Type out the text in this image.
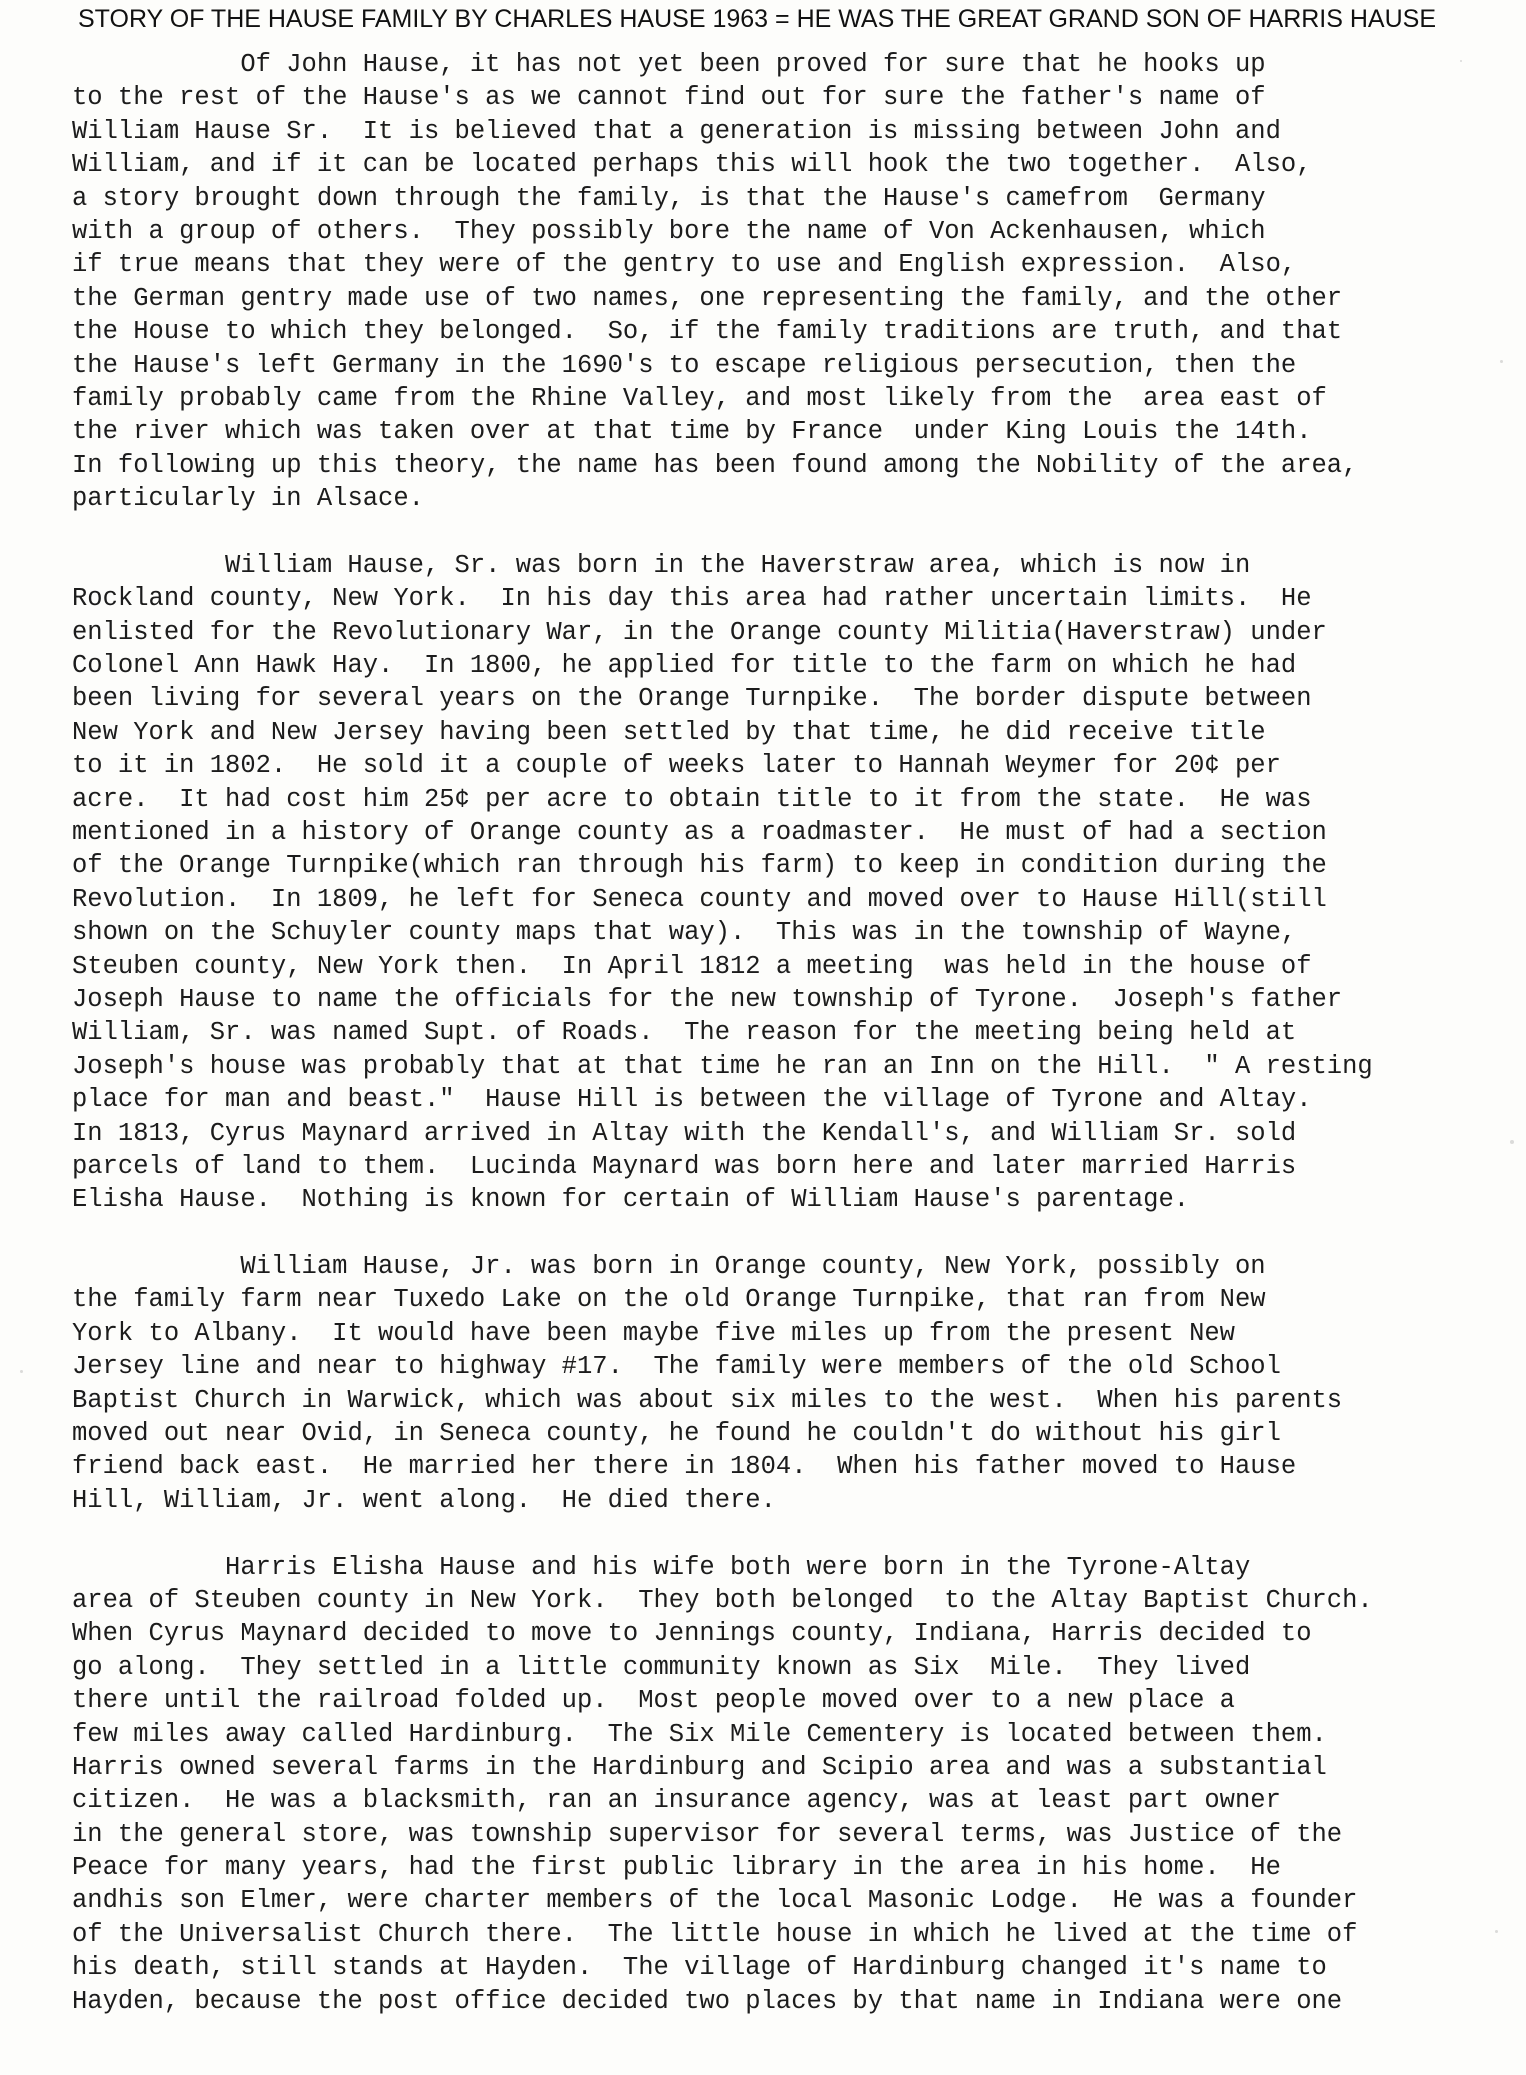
STORY OF THE HAUSE FAMILY BY CHARLES HAUSE 1963 = HE WAS THE GREAT GRAND SON OF HARRIS HAUSE
Of John Hause, it has not yet been proved for sure that he hooks up
to the rest of the Hause's as we cannot find out for sure the father's name of
William Hause Sr.  It is believed that a generation is missing between John and
William, and if it can be located perhaps this will hook the two together.  Also,
a story brought down through the family, is that the Hause's camefrom  Germany
with a group of others.  They possibly bore the name of Von Ackenhausen, which
if true means that they were of the gentry to use and English expression.  Also,
the German gentry made use of two names, one representing the family, and the other
the House to which they belonged.  So, if the family traditions are truth, and that
the Hause's left Germany in the 1690's to escape religious persecution, then the
family probably came from the Rhine Valley, and most likely from the  area east of
the river which was taken over at that time by France  under King Louis the 14th.
In following up this theory, the name has been found among the Nobility of the area,
particularly in Alsace.
William Hause, Sr. was born in the Haverstraw area, which is now in
Rockland county, New York.  In his day this area had rather uncertain limits.  He
enlisted for the Revolutionary War, in the Orange county Militia(Haverstraw) under
Colonel Ann Hawk Hay.  In 1800, he applied for title to the farm on which he had
been living for several years on the Orange Turnpike.  The border dispute between
New York and New Jersey having been settled by that time, he did receive title
to it in 1802.  He sold it a couple of weeks later to Hannah Weymer for 20¢ per
acre.  It had cost him 25¢ per acre to obtain title to it from the state.  He was
mentioned in a history of Orange county as a roadmaster.  He must of had a section
of the Orange Turnpike(which ran through his farm) to keep in condition during the
Revolution.  In 1809, he left for Seneca county and moved over to Hause Hill(still
shown on the Schuyler county maps that way).  This was in the township of Wayne,
Steuben county, New York then.  In April 1812 a meeting  was held in the house of
Joseph Hause to name the officials for the new township of Tyrone.  Joseph's father
William, Sr. was named Supt. of Roads.  The reason for the meeting being held at
Joseph's house was probably that at that time he ran an Inn on the Hill.  " A resting
place for man and beast."  Hause Hill is between the village of Tyrone and Altay.
In 1813, Cyrus Maynard arrived in Altay with the Kendall's, and William Sr. sold
parcels of land to them.  Lucinda Maynard was born here and later married Harris
Elisha Hause.  Nothing is known for certain of William Hause's parentage.
William Hause, Jr. was born in Orange county, New York, possibly on
the family farm near Tuxedo Lake on the old Orange Turnpike, that ran from New
York to Albany.  It would have been maybe five miles up from the present New
Jersey line and near to highway #17.  The family were members of the old School
Baptist Church in Warwick, which was about six miles to the west.  When his parents
moved out near Ovid, in Seneca county, he found he couldn't do without his girl
friend back east.  He married her there in 1804.  When his father moved to Hause
Hill, William, Jr. went along.  He died there.
Harris Elisha Hause and his wife both were born in the Tyrone-Altay
area of Steuben county in New York.  They both belonged  to the Altay Baptist Church.
When Cyrus Maynard decided to move to Jennings county, Indiana, Harris decided to
go along.  They settled in a little community known as Six  Mile.  They lived
there until the railroad folded up.  Most people moved over to a new place a
few miles away called Hardinburg.  The Six Mile Cementery is located between them.
Harris owned several farms in the Hardinburg and Scipio area and was a substantial
citizen.  He was a blacksmith, ran an insurance agency, was at least part owner
in the general store, was township supervisor for several terms, was Justice of the
Peace for many years, had the first public library in the area in his home.  He
andhis son Elmer, were charter members of the local Masonic Lodge.  He was a founder
of the Universalist Church there.  The little house in which he lived at the time of
his death, still stands at Hayden.  The village of Hardinburg changed it's name to
Hayden, because the post office decided two places by that name in Indiana were one
